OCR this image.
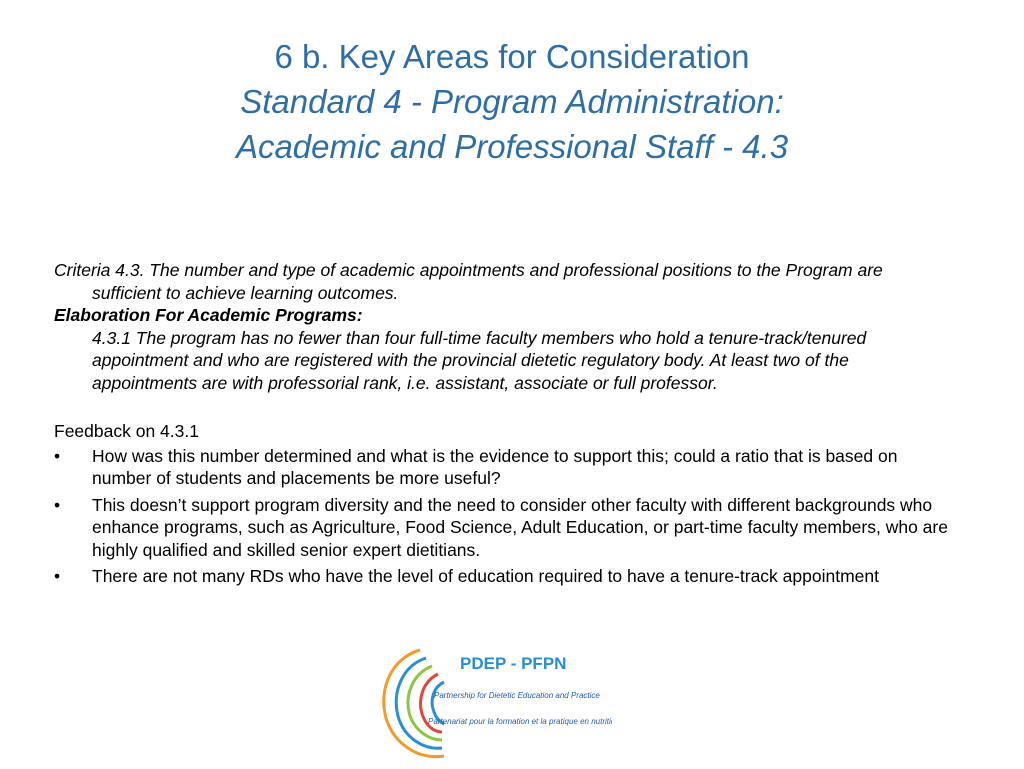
6 b. Key Areas for Consideration
Standard 4 - Program Administration:
Academic and Professional Staff - 4.3

Criteria 4.3. The number and type of academic appointments and professional positions to the Program are sufficient to achieve learning outcomes.

Elaboration For Academic Programs:

4.3.1 The program has no fewer than four full-time faculty members who hold a tenure-track/tenured appointment and who are registered with the provincial dietetic regulatory body. At least two of the appointments are with professorial rank, i.e. assistant, associate or full professor.

Feedback on 4.3.1

• How was this number determined and what is the evidence to support this; could a ratio that is based on number of students and placements be more useful?
• This doesn’t support program diversity and the need to consider other faculty with different backgrounds who enhance programs, such as Agriculture, Food Science, Adult Education, or part-time faculty members, who are highly qualified and skilled senior expert dietitians.
• There are not many RDs who have the level of education required to have a tenure-track appointment
PDEP - PFPN
Partnership for Dietetic Education and Practice
Partenariat pour la formation et la pratique en nutrition
